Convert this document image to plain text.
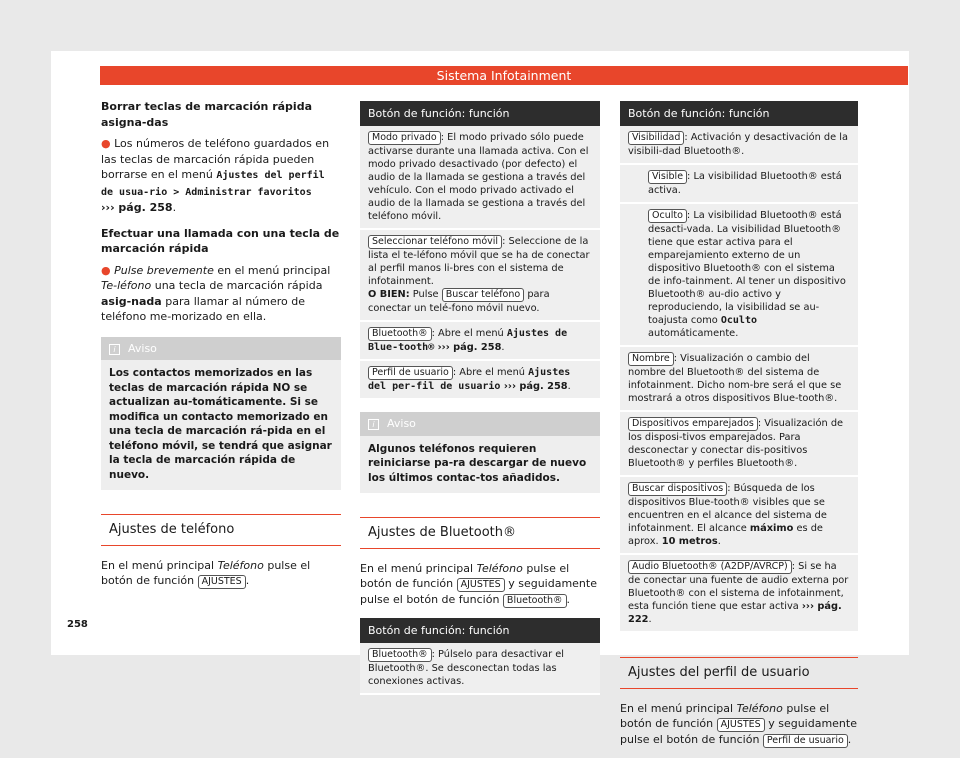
Sistema Infotainment
Borrar teclas de marcación rápida asigna-das
● Los números de teléfono guardados en las teclas de marcación rápida pueden borrarse en el menú Ajustes del perfil de usua-rio > Administrar favoritos
››› pág. 258.
Efectuar una llamada con una tecla de marcación rápida
● Pulse brevemente en el menú principal Te-léfono una tecla de marcación rápida asig-nada para llamar al número de teléfono me-morizado en ella.
i Aviso
Los contactos memorizados en las teclas de marcación rápida NO se actualizan au-tomáticamente. Si se modifica un contacto memorizado en una tecla de marcación rá-pida en el teléfono móvil, se tendrá que asignar la tecla de marcación rápida de nuevo.
Ajustes de teléfono
En el menú principal Teléfono pulse el botón de función AJUSTES .
Botón de función: función
Modo privado : El modo privado sólo puede activarse durante una llamada activa. Con el modo privado desactivado (por defecto) el audio de la llamada se gestiona a través del vehículo. Con el modo privado activado el audio de la llamada se gestiona a través del teléfono móvil.
Seleccionar teléfono móvil : Seleccione de la lista el te-léfono móvil que se ha de conectar al perfil manos li-bres con el sistema de infotainment.
O BIEN: Pulse Buscar teléfono para conectar un telé-fono móvil nuevo.
Bluetooth® : Abre el menú Ajustes de Blue-tooth® ››› pág. 258.
Perfil de usuario : Abre el menú Ajustes del per-fil de usuario ››› pág. 258.
i Aviso
Algunos teléfonos requieren reiniciarse pa-ra descargar de nuevo los últimos contac-tos añadidos.
Ajustes de Bluetooth®
En el menú principal Teléfono pulse el botón de función AJUSTES y seguidamente pulse el botón de función Bluetooth® .
Botón de función: función
Bluetooth® : Púlselo para desactivar el Bluetooth®. Se desconectan todas las conexiones activas.
Botón de función: función
Visibilidad : Activación y desactivación de la visibili-dad Bluetooth®.
Visible : La visibilidad Bluetooth® está activa.
Oculto : La visibilidad Bluetooth® está desacti-vada. La visibilidad Bluetooth® tiene que estar activa para el emparejamiento externo de un dispositivo Bluetooth® con el sistema de info-tainment. Al tener un dispositivo Bluetooth® au-dio activo y reproduciendo, la visibilidad se au-toajusta como Oculto automáticamente.
Nombre : Visualización o cambio del nombre del Bluetooth® del sistema de infotainment. Dicho nom-bre será el que se mostrará a otros dispositivos Blue-tooth®.
Dispositivos emparejados : Visualización de los disposi-tivos emparejados. Para desconectar y conectar dis-positivos Bluetooth® y perfiles Bluetooth®.
Buscar dispositivos : Búsqueda de los dispositivos Blue-tooth® visibles que se encuentren en el alcance del sistema de infotainment. El alcance máximo es de aprox. 10 metros.
Audio Bluetooth® (A2DP/AVRCP) : Si se ha de conectar una fuente de audio externa por Bluetooth® con el sistema de infotainment, esta función tiene que estar activa ››› pág. 222.
Ajustes del perfil de usuario
En el menú principal Teléfono pulse el botón de función AJUSTES y seguidamente pulse el botón de función Perfil de usuario .
258
